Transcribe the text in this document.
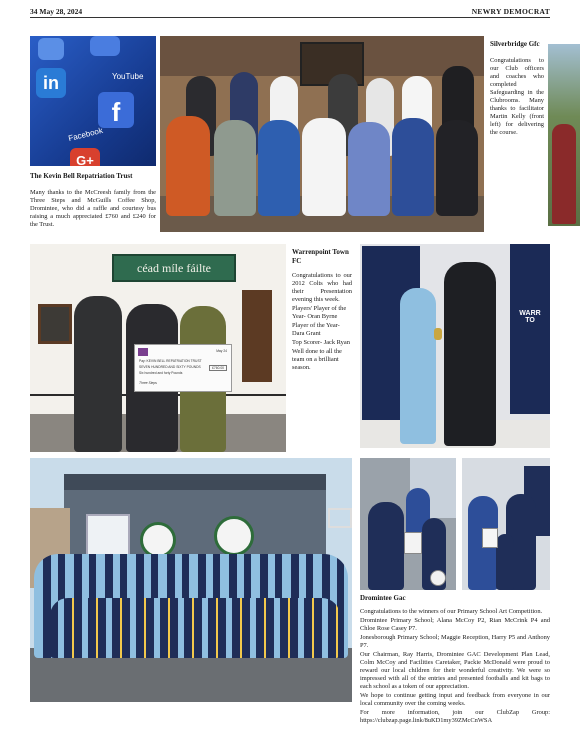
34 May 28, 2024	NEWRY DEMOCRAT
in
f
YouTube
Facebook
G+

The Kevin Bell Repatriation Trust

Many thanks to the McCreesh family from the Three Steps and McGuills Coffee Shop, Dromintee, who did a raffle and courtesy bus raising a much appreciated £760 and £240 for the Trust.

Silverbridge Gfc

Congratulations to our Club officers and coaches who completed Safeguarding in the Clubrooms. Many thanks to facilitator Martin Kelly (front left) for delivering the course.

céad míle fáilte
May 24
Pay: KEVIN BELL REPATRIATION TRUST
SEVEN HUNDRED AND SIXTY POUNDS
Six hundred and forty Pounds
£760.00
Three Steps

Warrenpoint Town FC

Congratulations to our 2012 Colts who had their Presentation evening this week.

Players' Player of the Year- Oran Byrne

Player of the Year- Dara Grant

Top Scorer- Jack Ryan

Well done to all the team on a brilliant season.

WARR
TO

Dromintee Gac

Congratulations to the winners of our Primary School Art Competition.

Dromintee Primary School; Alana McCoy P2, Rian McCrink P4 and Chloe Rose Casey P7.

Jonesborough Primary School; Maggie Reception, Harry P5 and Anthony P7.

Our Chairman, Ray Harris, Dromintee GAC Development Plan Lead, Colm McCoy and Facilities Caretaker, Packie McDonald were proud to reward our local children for their wonderful creativity. We were so impressed with all of the entries and presented footballs and kit bags to each school as a token of our appreciation.

We hope to continue getting input and feedback from everyone in our local community over the coming weeks.

For more information, join our ClubZap Group: https://clubzap.page.link/8uKD1my39ZMcCnWSA
